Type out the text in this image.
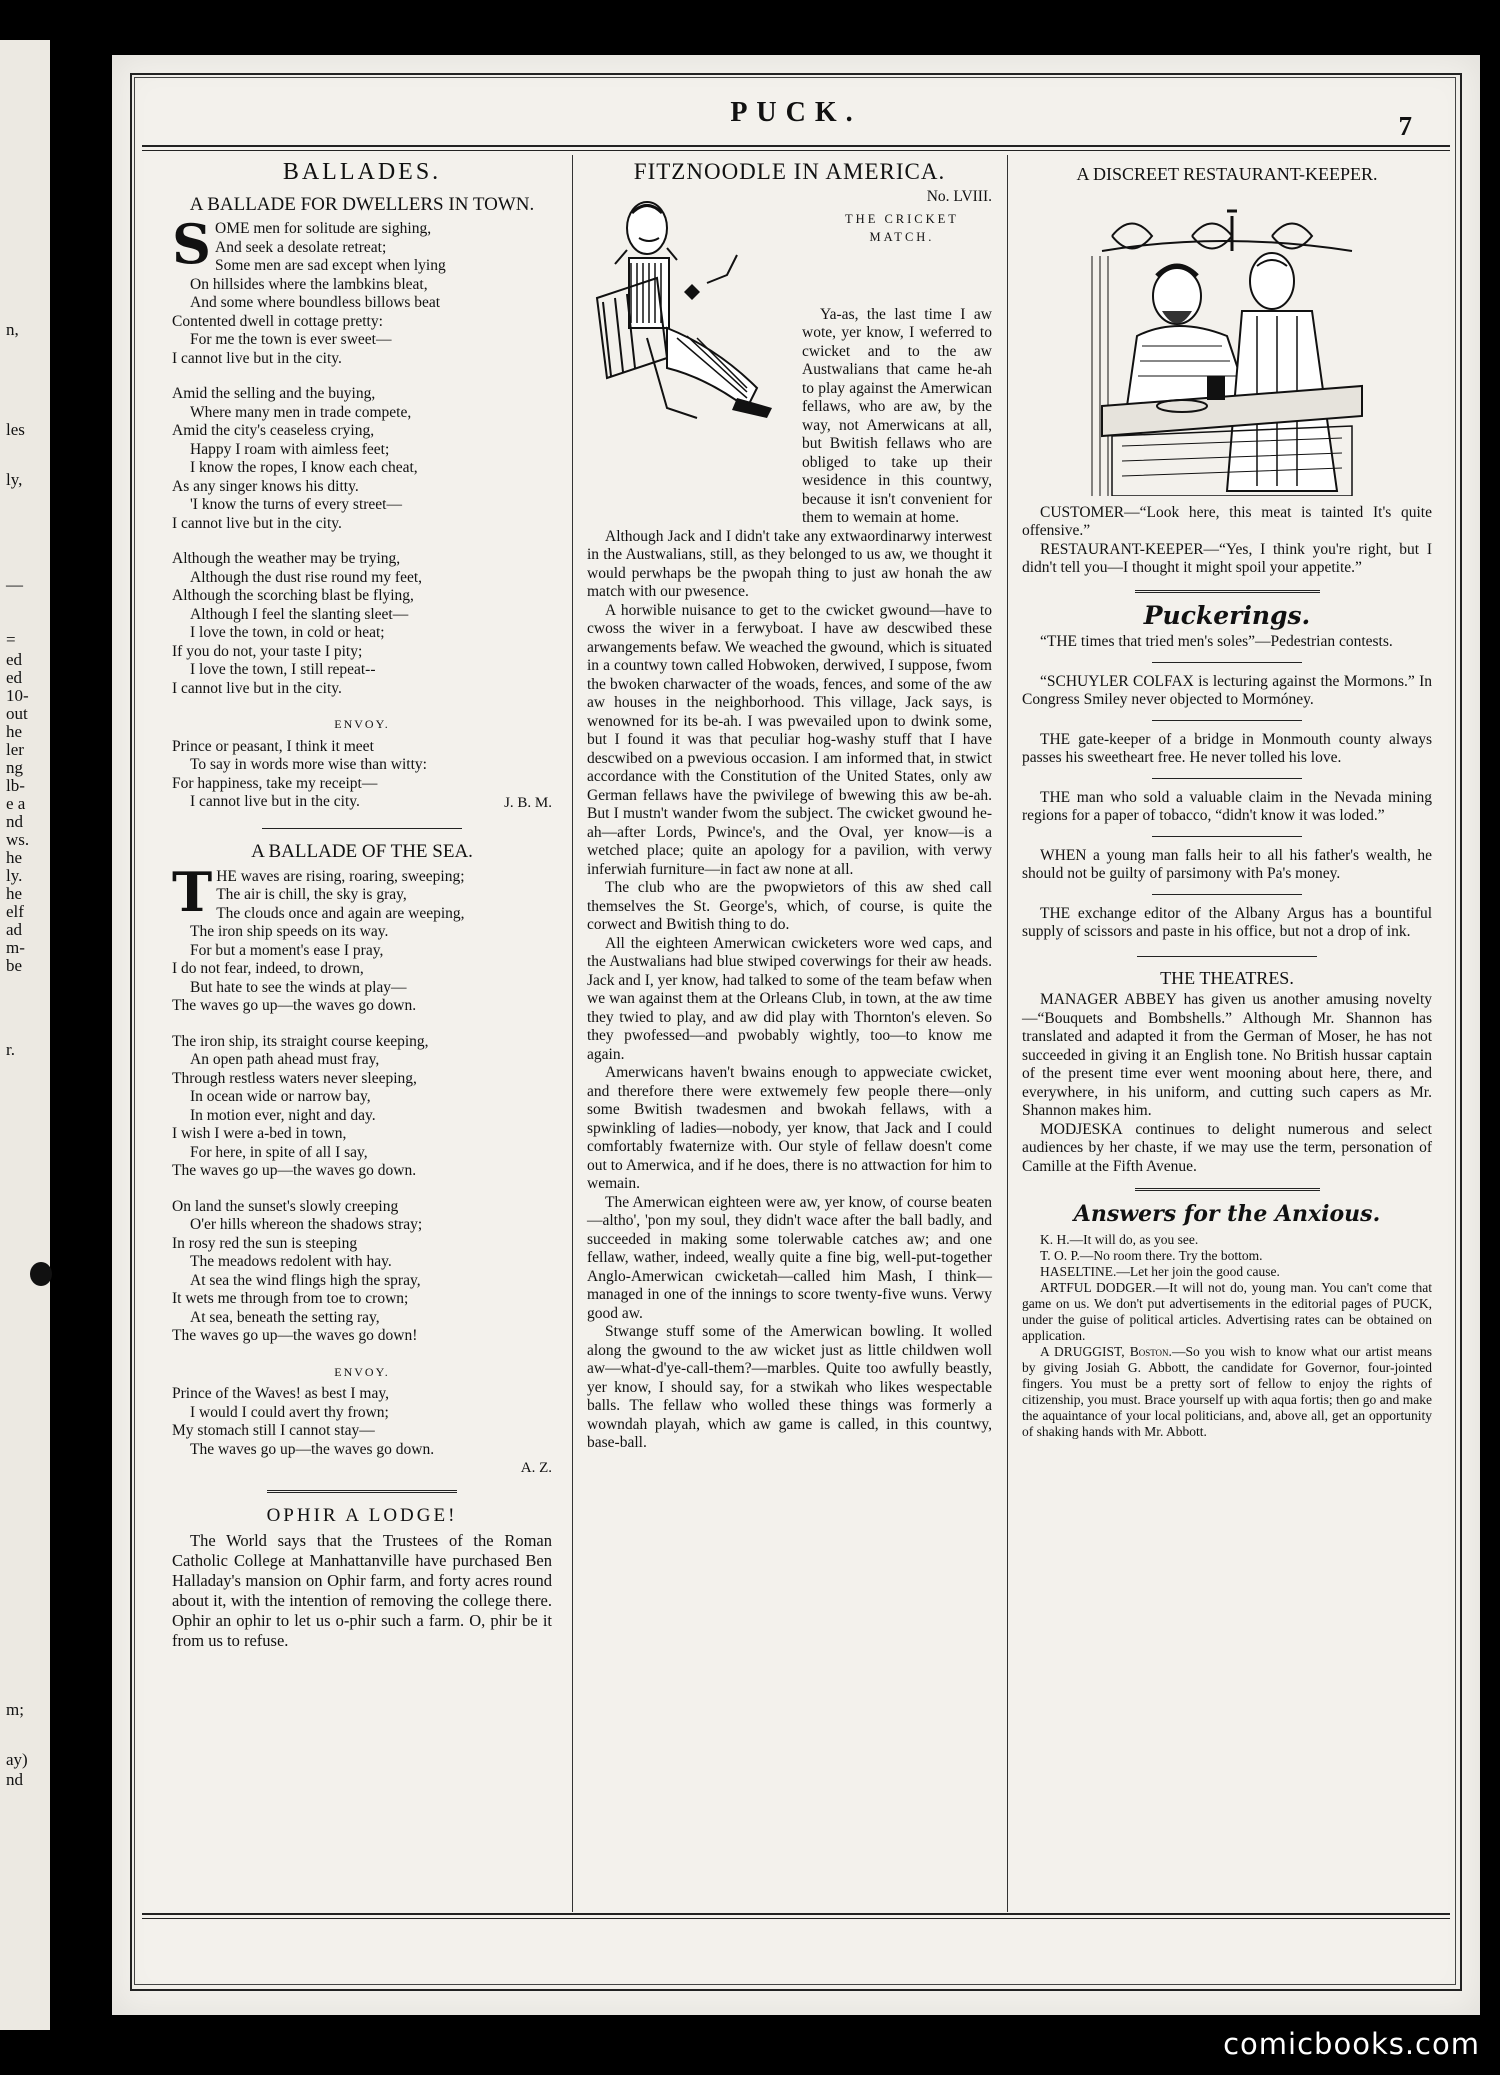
n,
les
ly,
—
=
ed
ed
10-
out
he
ler
ng
lb-
e a
nd
ws.
he
ly.
he
elf
ad
m-
be
r.
m;
ay)
nd
PUCK.	7
BALLADES.
A BALLADE FOR DWELLERS IN TOWN.
S OME men for solitude are sighing,
And seek a desolate retreat;
Some men are sad except when lying
On hillsides where the lambkins bleat,
And some where boundless billows beat
Contented dwell in cottage pretty:
For me the town is ever sweet—
I cannot live but in the city.
Amid the selling and the buying,
Where many men in trade compete,
Amid the city's ceaseless crying,
Happy I roam with aimless feet;
I know the ropes, I know each cheat,
As any singer knows his ditty.
'I know the turns of every street—
I cannot live but in the city.
Although the weather may be trying,
Although the dust rise round my feet,
Although the scorching blast be flying,
Although I feel the slanting sleet—
I love the town, in cold or heat;
If you do not, your taste I pity;
I love the town, I still repeat--
I cannot live but in the city.
ENVOY.
Prince or peasant, I think it meet
To say in words more wise than witty:
For happiness, take my receipt—
I cannot live but in the city.	J. B. M.
A BALLADE OF THE SEA.
T HE waves are rising, roaring, sweeping;
The air is chill, the sky is gray,
The clouds once and again are weeping,
The iron ship speeds on its way.
For but a moment's ease I pray,
I do not fear, indeed, to drown,
But hate to see the winds at play—
The waves go up—the waves go down.
The iron ship, its straight course keeping,
An open path ahead must fray,
Through restless waters never sleeping,
In ocean wide or narrow bay,
In motion ever, night and day.
I wish I were a-bed in town,
For here, in spite of all I say,
The waves go up—the waves go down.
On land the sunset's slowly creeping
O'er hills whereon the shadows stray;
In rosy red the sun is steeping
The meadows redolent with hay.
At sea the wind flings high the spray,
It wets me through from toe to crown;
At sea, beneath the setting ray,
The waves go up—the waves go down!
ENVOY.
Prince of the Waves! as best I may,
I would I could avert thy frown;
My stomach still I cannot stay—
The waves go up—the waves go down.
A. Z.
OPHIR A LODGE!

The World says that the Trustees of the Roman Catholic College at Manhattanville have purchased Ben Halladay's mansion on Ophir farm, and forty acres round about it, with the intention of removing the college there. Ophir an ophir to let us o-phir such a farm. O, phir be it from us to refuse.

FITZNOODLE IN AMERICA.
No. LVIII.
THE CRICKET MATCH.

Ya-as, the last time I aw wote, yer know, I weferred to cwicket and to the aw Austwalians that came he-ah to play against the Amerwican fellaws, who are aw, by the way, not Amerwicans at all, but Bwitish fellaws who are obliged to take up their wesidence in this countwy, because it isn't convenient for them to wemain at home.

Although Jack and I didn't take any extwaordinarwy interwest in the Austwalians, still, as they belonged to us aw, we thought it would perwhaps be the pwopah thing to just aw honah the aw match with our pwesence.

A horwible nuisance to get to the cwicket gwound—have to cwoss the wiver in a ferwyboat. I have aw descwibed these arwangements befaw. We weached the gwound, which is situated in a countwy town called Hobwoken, derwived, I suppose, fwom the bwoken charwacter of the woads, fences, and some of the aw aw houses in the neighborhood. This village, Jack says, is wenowned for its be-ah. I was pwevailed upon to dwink some, but I found it was that peculiar hog-washy stuff that I have descwibed on a pwevious occasion. I am informed that, in stwict accordance with the Constitution of the United States, only aw German fellaws have the pwivilege of bwewing this aw be-ah. But I mustn't wander fwom the subject. The cwicket gwound he-ah—after Lords, Pwince's, and the Oval, yer know—is a wetched place; quite an apology for a pavilion, with verwy inferwiah furniture—in fact aw none at all.

The club who are the pwopwietors of this aw shed call themselves the St. George's, which, of course, is quite the corwect and Bwitish thing to do.

All the eighteen Amerwican cwicketers wore wed caps, and the Austwalians had blue stwiped coverwings for their aw heads. Jack and I, yer know, had talked to some of the team befaw when we wan against them at the Orleans Club, in town, at the aw time they twied to play, and aw did play with Thornton's eleven. So they pwofessed—and pwobably wightly, too—to know me again.

Amerwicans haven't bwains enough to appweciate cwicket, and therefore there were extwemely few people there—only some Bwitish twadesmen and bwokah fellaws, with a spwinkling of ladies—nobody, yer know, that Jack and I could comfortably fwaternize with. Our style of fellaw doesn't come out to Amerwica, and if he does, there is no attwaction for him to wemain.

The Amerwican eighteen were aw, yer know, of course beaten—altho', 'pon my soul, they didn't wace after the ball badly, and succeeded in making some tolerwable catches aw; and one fellaw, wather, indeed, weally quite a fine big, well-put-together Anglo-Amerwican cwicketah—called him Mash, I think—managed in one of the innings to score twenty-five wuns. Verwy good aw.

Stwange stuff some of the Amerwican bowling. It wolled along the gwound to the aw wicket just as little childwen woll aw—what-d'ye-call-them?—marbles. Quite too awfully beastly, yer know, I should say, for a stwikah who likes wespectable balls. The fellaw who wolled these things was formerly a wowndah playah, which aw game is called, in this countwy, base-ball.

A DISCREET RESTAURANT-KEEPER.

CUSTOMER—“Look here, this meat is tainted It's quite offensive.”

RESTAURANT-KEEPER—“Yes, I think you're right, but I didn't tell you—I thought it might spoil your appetite.”

Puckerings.

“THE times that tried men's soles”—Pedestrian contests.

“SCHUYLER COLFAX is lecturing against the Mormons.” In Congress Smiley never objected to Mormóney.

THE gate-keeper of a bridge in Monmouth county always passes his sweetheart free. He never tolled his love.

THE man who sold a valuable claim in the Nevada mining regions for a paper of tobacco, “didn't know it was loded.”

WHEN a young man falls heir to all his father's wealth, he should not be guilty of parsimony with Pa's money.

THE exchange editor of the Albany Argus has a bountiful supply of scissors and paste in his office, but not a drop of ink.

THE THEATRES.

MANAGER ABBEY has given us another amusing novelty—“Bouquets and Bombshells.” Although Mr. Shannon has translated and adapted it from the German of Moser, he has not succeeded in giving it an English tone. No British hussar captain of the present time ever went mooning about here, there, and everywhere, in his uniform, and cutting such capers as Mr. Shannon makes him.

MODJESKA continues to delight numerous and select audiences by her chaste, if we may use the term, personation of Camille at the Fifth Avenue.

Answers for the Anxious.

K. H.—It will do, as you see.

T. O. P.—No room there. Try the bottom.

HASELTINE.—Let her join the good cause.

ARTFUL DODGER.—It will not do, young man. You can't come that game on us. We don't put advertisements in the editorial pages of PUCK, under the guise of political articles. Advertising rates can be obtained on application.

A DRUGGIST, Boston.—So you wish to know what our artist means by giving Josiah G. Abbott, the candidate for Governor, four-jointed fingers. You must be a pretty sort of fellow to enjoy the rights of citizenship, you must. Brace yourself up with aqua fortis; then go and make the aquaintance of your local politicians, and, above all, get an opportunity of shaking hands with Mr. Abbott.

comicbooks.com
